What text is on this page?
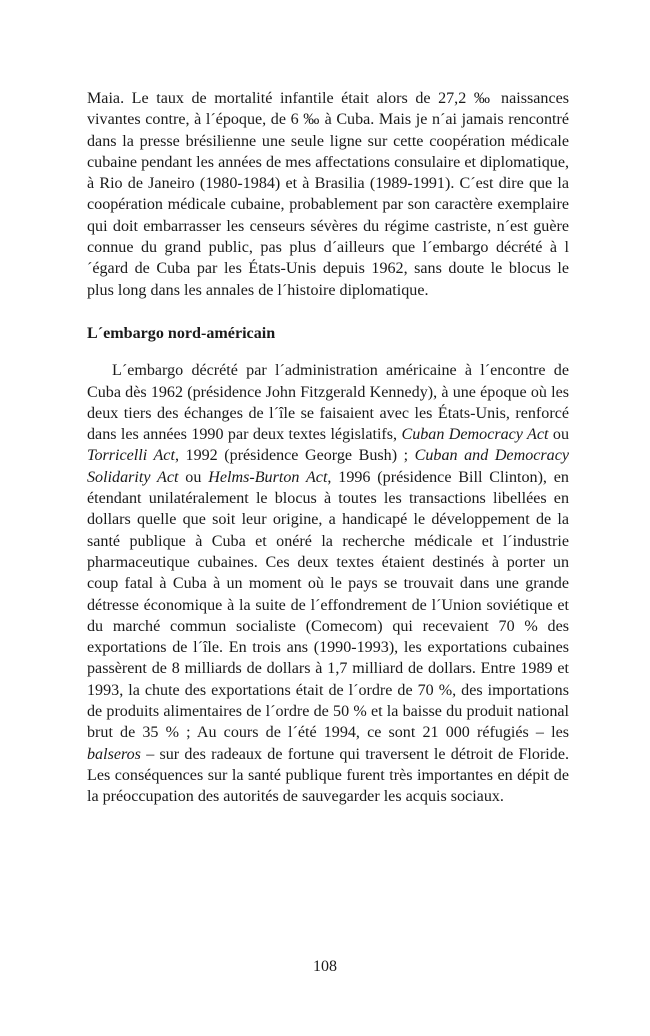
Maia. Le taux de mortalité infantile était alors de 27,2 ‰ naissances vivantes contre, à l´époque, de 6 ‰ à Cuba. Mais je n´ai jamais rencontré dans la presse brésilienne une seule ligne sur cette coopération médicale cubaine pendant les années de mes affectations consulaire et diplomatique, à Rio de Janeiro (1980-1984) et à Brasilia (1989-1991). C´est dire que la coopération médicale cubaine, probablement par son caractère exemplaire qui doit embarrasser les censeurs sévères du régime castriste, n´est guère connue du grand public, pas plus d´ailleurs que l´embargo décrété à l´égard de Cuba par les États-Unis depuis 1962, sans doute le blocus le plus long dans les annales de l´histoire diplomatique.

L´embargo nord-américain

L´embargo décrété par l´administration américaine à l´encontre de Cuba dès 1962 (présidence John Fitzgerald Kennedy), à une époque où les deux tiers des échanges de l´île se faisaient avec les États-Unis, renforcé dans les années 1990 par deux textes législatifs, Cuban Democracy Act ou Torricelli Act, 1992 (présidence George Bush) ; Cuban and Democracy Solidarity Act ou Helms-Burton Act, 1996 (présidence Bill Clinton), en étendant unilatéralement le blocus à toutes les transactions libellées en dollars quelle que soit leur origine, a handicapé le développement de la santé publique à Cuba et onéré la recherche médicale et l´industrie pharmaceutique cubaines. Ces deux textes étaient destinés à porter un coup fatal à Cuba à un moment où le pays se trouvait dans une grande détresse économique à la suite de l´effondrement de l´Union soviétique et du marché commun socialiste (Comecom) qui recevaient 70 % des exportations de l´île. En trois ans (1990-1993), les exportations cubaines passèrent de 8 milliards de dollars à 1,7 milliard de dollars. Entre 1989 et 1993, la chute des exportations était de l´ordre de 70 %, des importations de produits alimentaires de l´ordre de 50 % et la baisse du produit national brut de 35 % ; Au cours de l´été 1994, ce sont 21 000 réfugiés – les balseros – sur des radeaux de fortune qui traversent le détroit de Floride. Les conséquences sur la santé publique furent très importantes en dépit de la préoccupation des autorités de sauvegarder les acquis sociaux.

108
